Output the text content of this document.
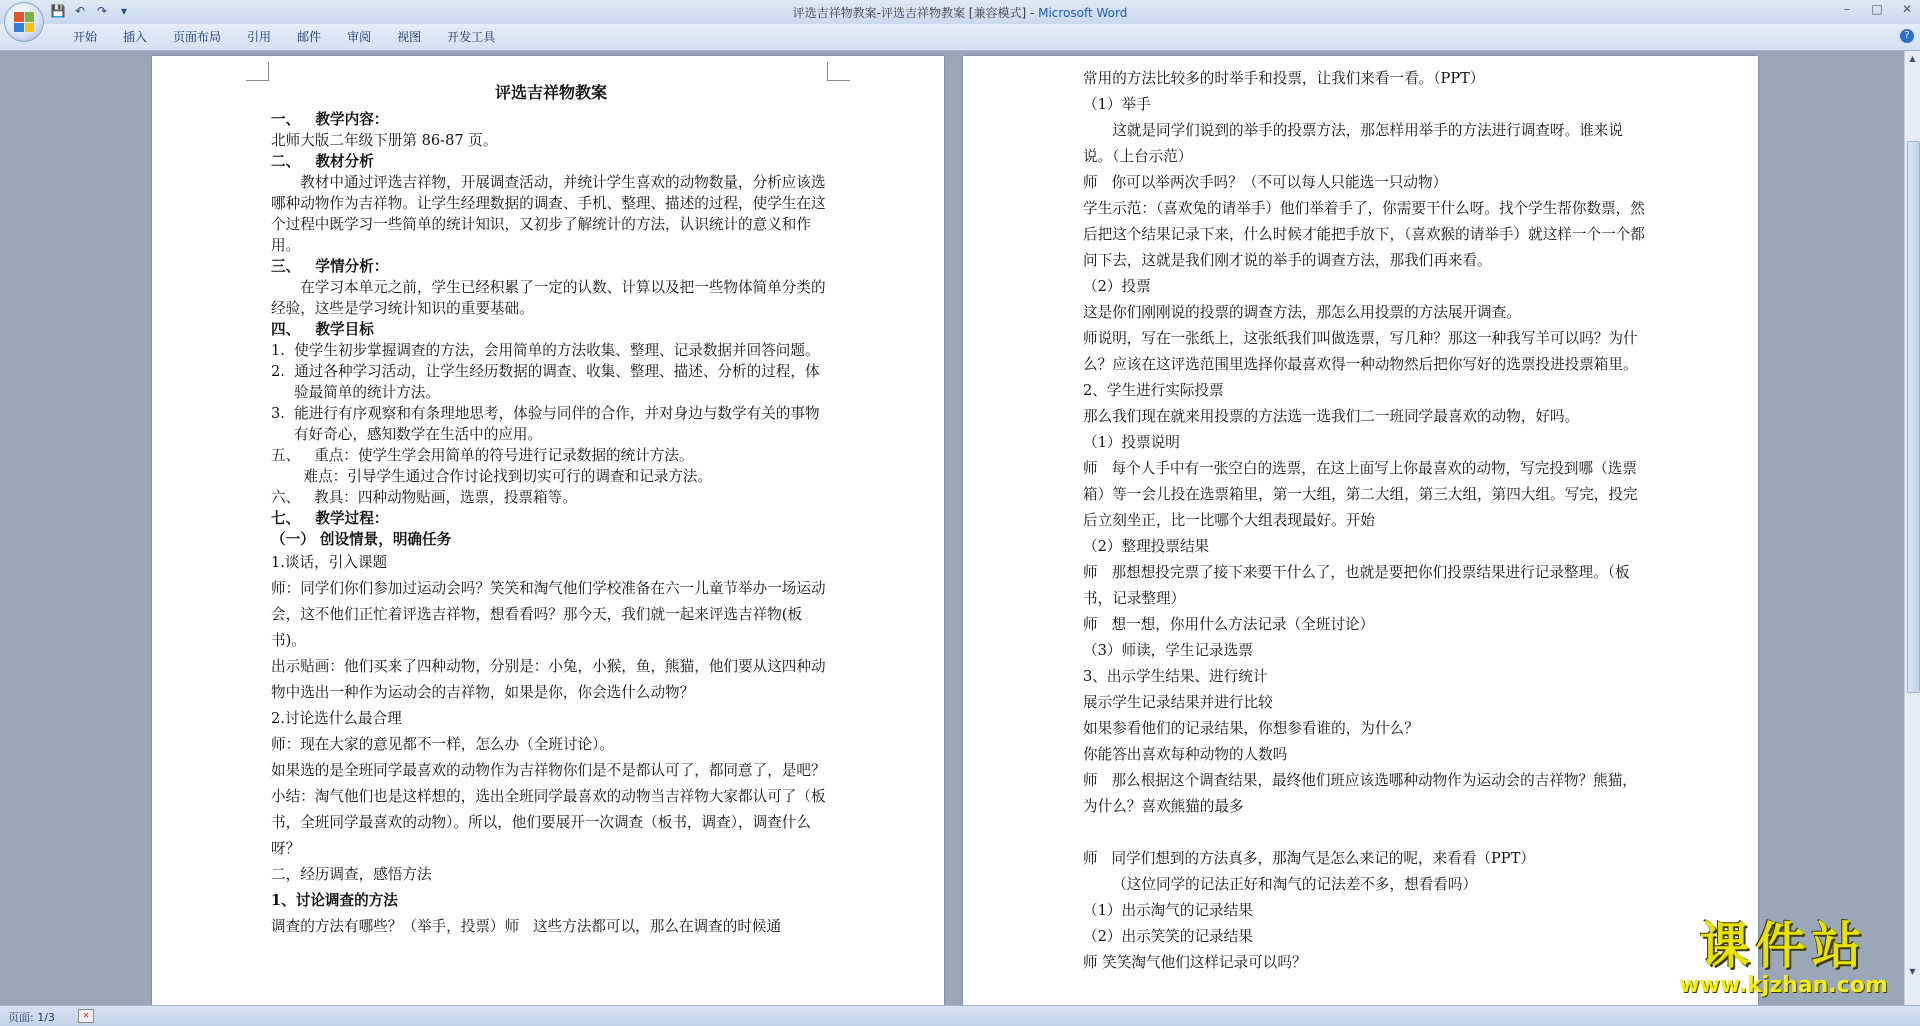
评选吉祥物教案-评选吉祥物教案 [兼容模式] - Microsoft Word
💾 ↶ ↷	▾	–	□	✕
开始	插入	页面布局	引用	邮件	审阅	视图	开发工具	?
评选吉祥物教案
一、   教学内容：
北师大版二年级下册第 86-87 页。
二、   教材分析
教材中通过评选吉祥物，开展调查活动，并统计学生喜欢的动物数量，分析应该选哪种动物作为吉祥物。让学生经理数据的调查、手机、整理、描述的过程，使学生在这个过程中既学习一些简单的统计知识，又初步了解统计的方法，认识统计的意义和作用。
三、   学情分析：
在学习本单元之前，学生已经积累了一定的认数、计算以及把一些物体简单分类的经验，这些是学习统计知识的重要基础。
四、   教学目标
1.  使学生初步掌握调查的方法，会用简单的方法收集、整理、记录数据并回答问题。
2.  通过各种学习活动，让学生经历数据的调查、收集、整理、描述、分析的过程，体验最简单的统计方法。
3.  能进行有序观察和有条理地思考，体验与同伴的合作，并对身边与数学有关的事物有好奇心，感知数学在生活中的应用。
五、   重点：使学生学会用简单的符号进行记录数据的统计方法。
难点：引导学生通过合作讨论找到切实可行的调查和记录方法。
六、   教具：四种动物贴画，选票，投票箱等。
七、   教学过程：
（一） 创设情景，明确任务
1.谈话，引入课题
师：同学们你们参加过运动会吗？笑笑和淘气他们学校准备在六一儿童节举办一场运动会，这不他们正忙着评选吉祥物，想看看吗？那今天，我们就一起来评选吉祥物(板书)。
出示贴画：他们买来了四种动物，分别是：小兔，小猴，鱼，熊猫，他们要从这四种动物中选出一种作为运动会的吉祥物，如果是你，你会选什么动物？
2.讨论选什么最合理
师：现在大家的意见都不一样，怎么办（全班讨论）。
如果选的是全班同学最喜欢的动物作为吉祥物你们是不是都认可了，都同意了，是吧？
小结：淘气他们也是这样想的，选出全班同学最喜欢的动物当吉祥物大家都认可了（板书，全班同学最喜欢的动物）。所以，他们要展开一次调查（板书，调查），调查什么呀？
二，经历调查，感悟方法
1、讨论调查的方法
调查的方法有哪些？（举手，投票）师   这些方法都可以，那么在调查的时候通
常用的方法比较多的时举手和投票，让我们来看一看。（PPT）
（1）举手
这就是同学们说到的举手的投票方法，那怎样用举手的方法进行调查呀。谁来说说。（上台示范）
师   你可以举两次手吗？（不可以每人只能选一只动物）
学生示范：（喜欢兔的请举手）他们举着手了，你需要干什么呀。找个学生帮你数票，然后把这个结果记录下来，什么时候才能把手放下，（喜欢猴的请举手）就这样一个一个都问下去，这就是我们刚才说的举手的调查方法，那我们再来看。
（2）投票
这是你们刚刚说的投票的调查方法，那怎么用投票的方法展开调查。
师说明，写在一张纸上，这张纸我们叫做选票，写几种？那这一种我写羊可以吗？为什么？应该在这评选范围里选择你最喜欢得一种动物然后把你写好的选票投进投票箱里。
2、学生进行实际投票
那么我们现在就来用投票的方法选一选我们二一班同学最喜欢的动物，好吗。
（1）投票说明
师   每个人手中有一张空白的选票，在这上面写上你最喜欢的动物，写完投到哪（选票箱）等一会儿投在选票箱里，第一大组，第二大组，第三大组，第四大组。写完，投完后立刻坐正，比一比哪个大组表现最好。开始
（2）整理投票结果
师   那想想投完票了接下来要干什么了，也就是要把你们投票结果进行记录整理。（板书，记录整理）
师   想一想，你用什么方法记录（全班讨论）
（3）师读，学生记录选票
3、出示学生结果、进行统计
展示学生记录结果并进行比较
如果参看他们的记录结果，你想参看谁的，为什么？
你能答出喜欢每种动物的人数吗
师   那么根据这个调查结果，最终他们班应该选哪种动物作为运动会的吉祥物？熊猫，为什么？喜欢熊猫的最多

师   同学们想到的方法真多，那淘气是怎么来记的呢，来看看（PPT）
（这位同学的记法正好和淘气的记法差不多，想看看吗）
（1）出示淘气的记录结果
（2）出示笑笑的记录结果
师 笑笑淘气他们这样记录可以吗？
▲
▼
课件站
www.kjzhan.com
页面: 1/3	✕
